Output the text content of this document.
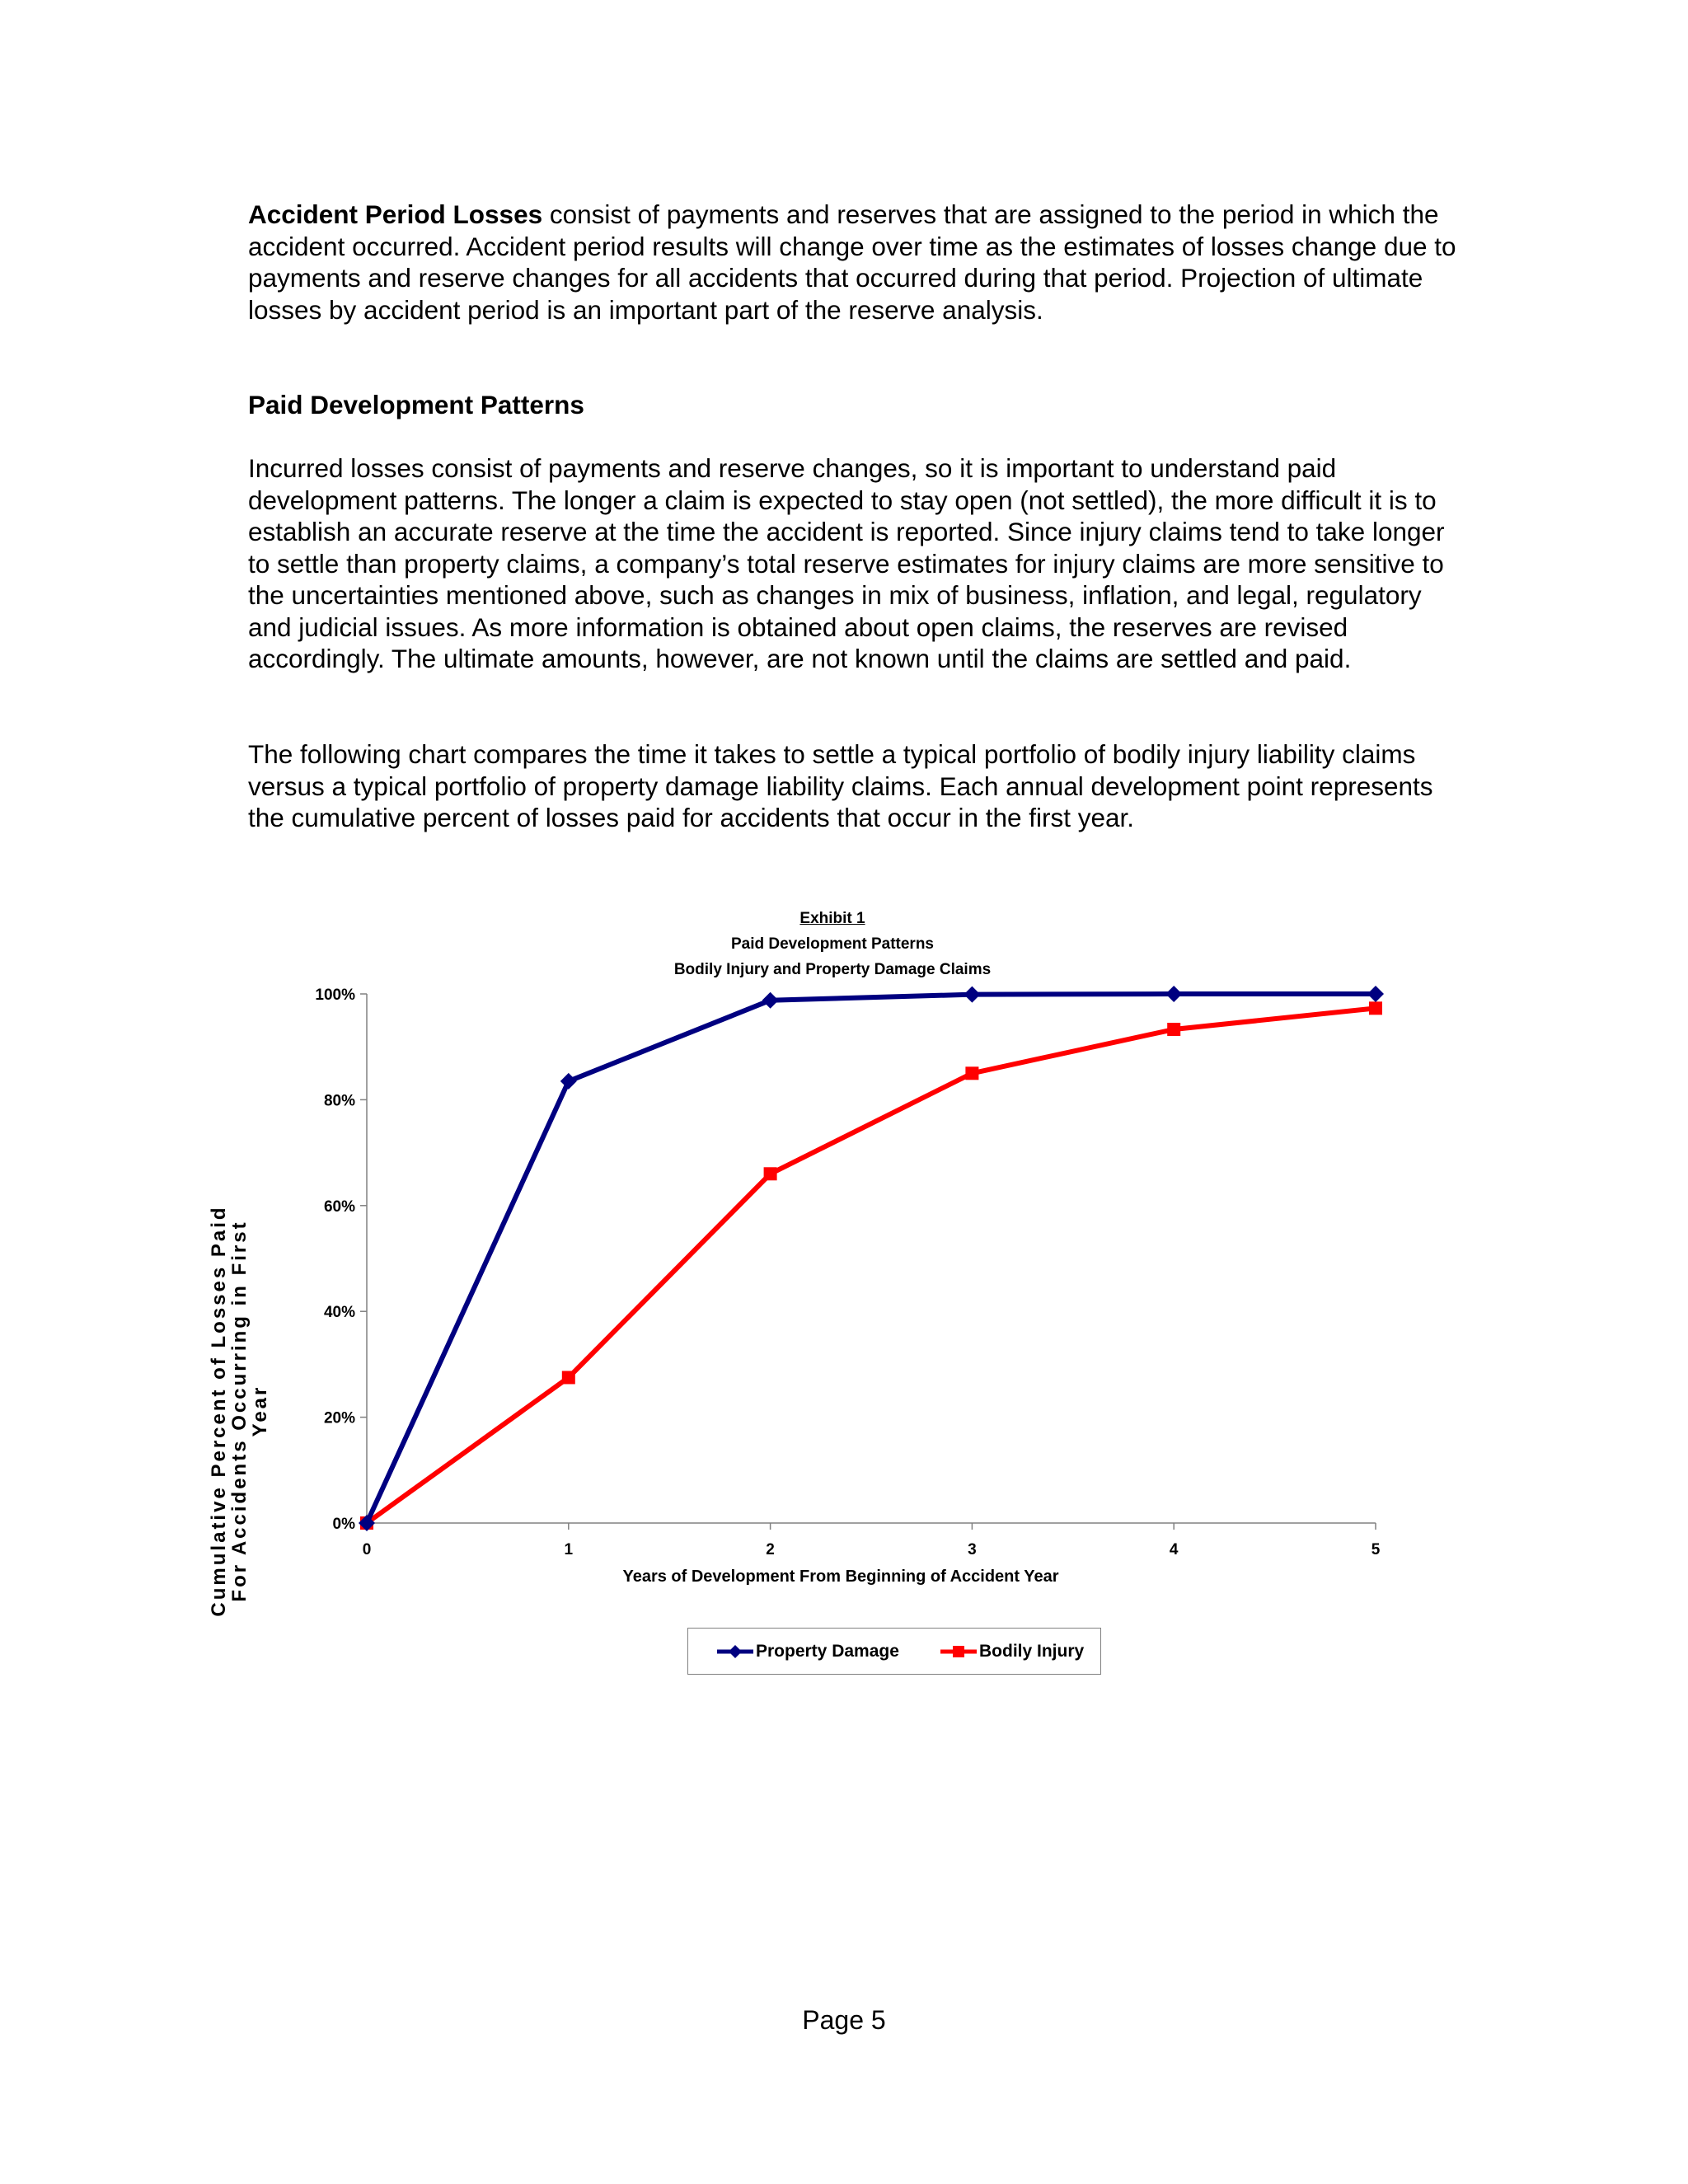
Accident Period Losses consist of payments and reserves that are assigned to the period in which the accident occurred. Accident period results will change over time as the estimates of losses change due to payments and reserve changes for all accidents that occurred during that period. Projection of ultimate losses by accident period is an important part of the reserve analysis.

Paid Development Patterns
Incurred losses consist of payments and reserve changes, so it is important to understand paid development patterns. The longer a claim is expected to stay open (not settled), the more difficult it is to establish an accurate reserve at the time the accident is reported. Since injury claims tend to take longer to settle than property claims, a company’s total reserve estimates for injury claims are more sensitive to the uncertainties mentioned above, such as changes in mix of business, inflation, and legal, regulatory and judicial issues. As more information is obtained about open claims, the reserves are revised accordingly. The ultimate amounts, however, are not known until the claims are settled and paid.
The following chart compares the time it takes to settle a typical portfolio of bodily injury liability claims versus a typical portfolio of property damage liability claims. Each annual development point represents the cumulative percent of losses paid for accidents that occur in the first year.
Exhibit 1
Paid Development Patterns
Bodily Injury and Property Damage Claims
0%
20%
40%
60%
80%
100%
0	1	2	3	4	5
Cumulative Percent of Losses Paid For Accidents Occurring in First Year
Years of Development From Beginning of Accident Year
Property Damage	Bodily Injury
Page 5
